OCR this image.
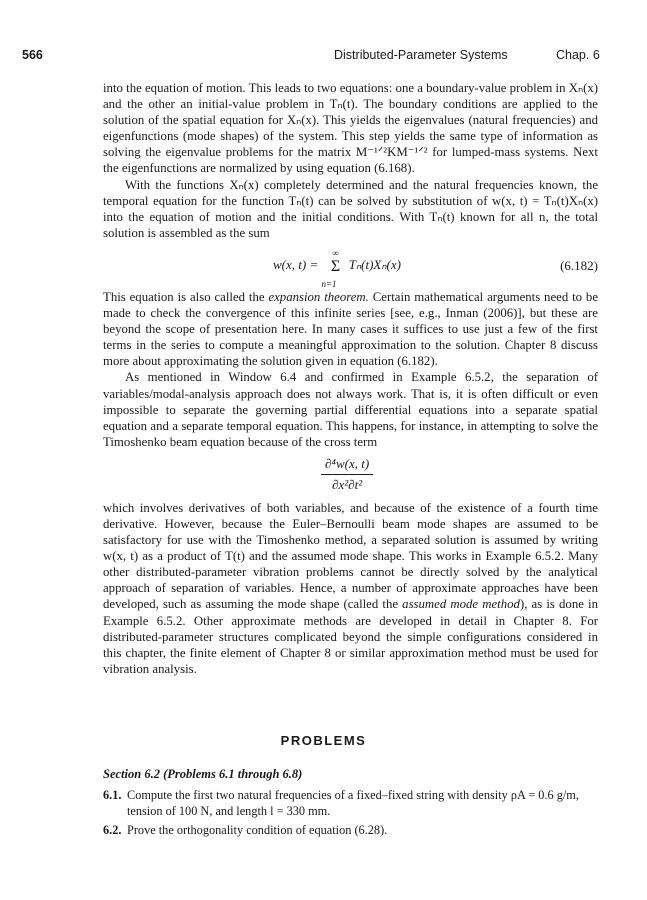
566	Distributed-Parameter Systems	Chap. 6

into the equation of motion. This leads to two equations: one a boundary-value problem in Xₙ(x) and the other an initial-value problem in Tₙ(t). The boundary conditions are applied to the solution of the spatial equation for Xₙ(x). This yields the eigenvalues (natural frequencies) and eigenfunctions (mode shapes) of the system. This step yields the same type of information as solving the eigenvalue problems for the matrix M⁻¹ᐟ²KM⁻¹ᐟ² for lumped-mass systems. Next the eigenfunctions are normalized by using equation (6.168).

With the functions Xₙ(x) completely determined and the natural frequencies known, the temporal equation for the function Tₙ(t) can be solved by substitution of w(x, t) = Tₙ(t)Xₙ(x) into the equation of motion and the initial conditions. With Tₙ(t) known for all n, the total solution is assembled as the sum

w(x, t) =
∞
Σ
n=1
Tₙ(t)Xₙ(x)	(6.182)

This equation is also called the expansion theorem. Certain mathematical arguments need to be made to check the convergence of this infinite series [see, e.g., Inman (2006)], but these are beyond the scope of presentation here. In many cases it suffices to use just a few of the first terms in the series to compute a meaningful approximation to the solution. Chapter 8 discuss more about approximating the solution given in equation (6.182).

As mentioned in Window 6.4 and confirmed in Example 6.5.2, the separation of variables/modal-analysis approach does not always work. That is, it is often difficult or even impossible to separate the governing partial differential equations into a separate spatial equation and a separate temporal equation. This happens, for instance, in attempting to solve the Timoshenko beam equation because of the cross term

$\frac{\text{∂⁴w(x, t)}}{\text{∂x²∂t²}}$

which involves derivatives of both variables, and because of the existence of a fourth time derivative. However, because the Euler–Bernoulli beam mode shapes are assumed to be satisfactory for use with the Timoshenko method, a separated solution is assumed by writing w(x, t) as a product of T(t) and the assumed mode shape. This works in Example 6.5.2. Many other distributed-parameter vibration problems cannot be directly solved by the analytical approach of separation of variables. Hence, a number of approximate approaches have been developed, such as assuming the mode shape (called the assumed mode method), as is done in Example 6.5.2. Other approximate methods are developed in detail in Chapter 8. For distributed-parameter structures complicated beyond the simple configurations considered in this chapter, the finite element of Chapter 8 or similar approximation method must be used for vibration analysis.

PROBLEMS
Section 6.2 (Problems 6.1 through 6.8)
6.1. Compute the first two natural frequencies of a fixed–fixed string with density ρA = 0.6 g/m, tension of 100 N, and length l = 330 mm.
6.2. Prove the orthogonality condition of equation (6.28).
